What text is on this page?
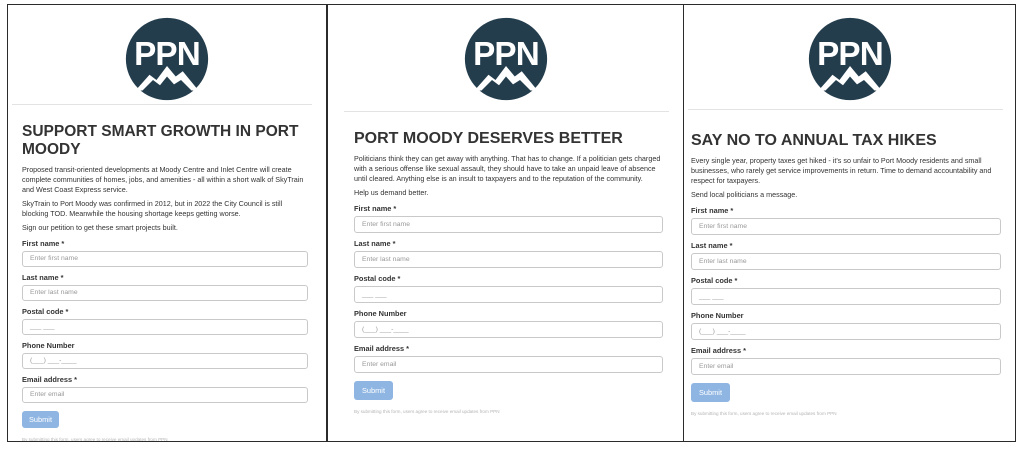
PPN
SUPPORT SMART GROWTH IN PORT MOODY

Proposed transit-oriented developments at Moody Centre and Inlet Centre will create complete communities of homes, jobs, and amenities - all within a short walk of SkyTrain and West Coast Express service.

SkyTrain to Port Moody was confirmed in 2012, but in 2022 the City Council is still blocking TOD. Meanwhile the housing shortage keeps getting worse.

Sign our petition to get these smart projects built.

First name *
Enter first name
Last name *
Enter last name
Postal code *
___ ___
Phone Number
(___) ___-____
Email address *
Enter email
Submit
By submitting this form, users agree to receive email updates from PPN
PPN
PORT MOODY DESERVES BETTER

Politicians think they can get away with anything. That has to change. If a politician gets charged with a serious offense like sexual assault, they should have to take an unpaid leave of absence until cleared. Anything else is an insult to taxpayers and to the reputation of the community.

Help us demand better.

First name *
Enter first name
Last name *
Enter last name
Postal code *
___ ___
Phone Number
(___) ___-____
Email address *
Enter email
Submit
By submitting this form, users agree to receive email updates from PPN
PPN
SAY NO TO ANNUAL TAX HIKES

Every single year, property taxes get hiked - it's so unfair to Port Moody residents and small businesses, who rarely get service improvements in return. Time to demand accountability and respect for taxpayers.

Send local politicians a message.

First name *
Enter first name
Last name *
Enter last name
Postal code *
___ ___
Phone Number
(___) ___-____
Email address *
Enter email
Submit
By submitting this form, users agree to receive email updates from PPN
